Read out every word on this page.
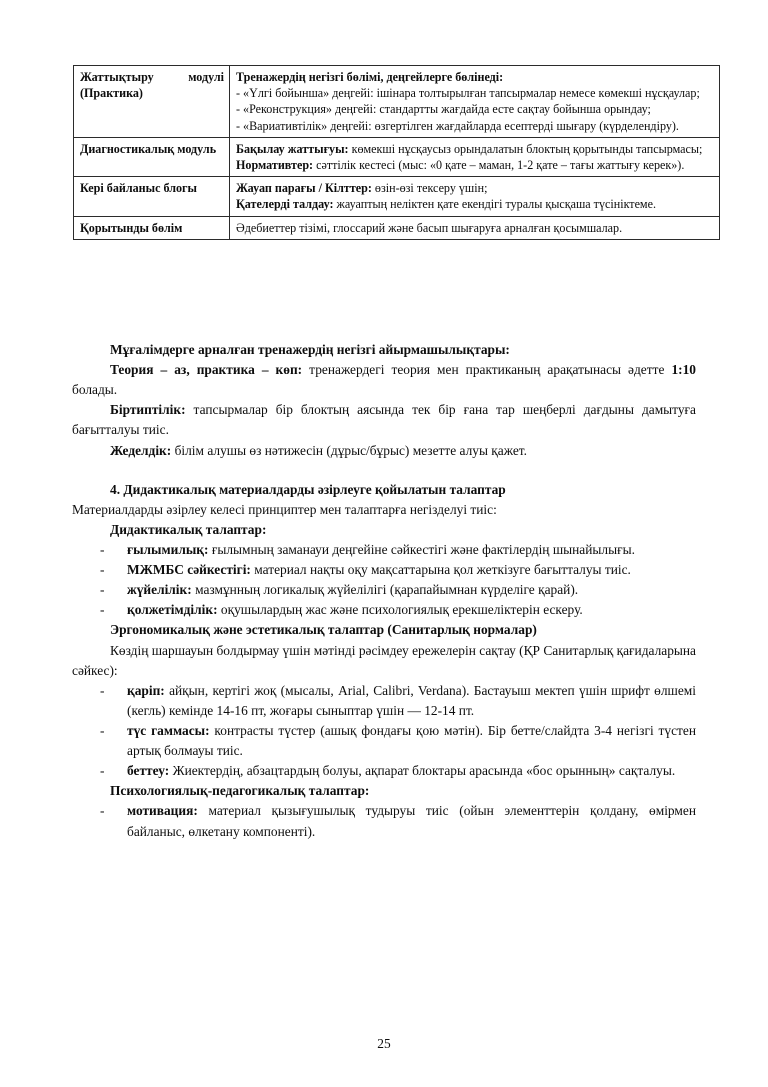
Жаттықтыру модулі (Практика)	Тренажердің негізгі бөлімі, деңгейлерге бөлінеді:
- «Үлгі бойынша» деңгейі: ішінара толтырылған тапсырмалар немесе көмекші нұсқаулар;
- «Реконструкция» деңгейі: стандартты жағдайда есте сақтау бойынша орындау;
- «Вариативтілік» деңгейі: өзгертілген жағдайларда есептерді шығару (күрделендіру).

Диагностикалық модуль	Бақылау жаттығуы: көмекші нұсқаусыз орындалатын блоктың қорытынды тапсырмасы;
Нормативтер: сәттілік кестесі (мыс: «0 қате – маман, 1-2 қате – тағы жаттығу керек»).

Кері байланыс блогы	Жауап парағы / Кілттер: өзін-өзі тексеру үшін;
Қателерді талдау: жауаптың неліктен қате екендігі туралы қысқаша түсініктеме.

Қорытынды бөлім	Әдебиеттер тізімі, глоссарий және басып шығаруға арналған қосымшалар.

Мұғалімдерге арналған тренажердің негізгі айырмашылықтары:

Теория – аз, практика – көп: тренажердегі теория мен практиканың арақатынасы әдетте 1:10 болады.

Біртиптілік: тапсырмалар бір блоктың аясында тек бір ғана тар шеңберлі дағдыны дамытуға бағытталуы тиіс.

Жеделдік: білім алушы өз нәтижесін (дұрыс/бұрыс) мезетте алуы қажет.

4. Дидактикалық материалдарды әзірлеуге қойылатын талаптар

Материалдарды әзірлеу келесі принциптер мен талаптарға негізделуі тиіс:

Дидактикалық талаптар:

- ғылымилық: ғылымның заманауи деңгейіне сәйкестігі және фактілердің шынайылығы.
- МЖМБС сәйкестігі: материал нақты оқу мақсаттарына қол жеткізуге бағытталуы тиіс.
- жүйелілік: мазмұнның логикалық жүйелілігі (қарапайымнан күрделіге қарай).
- қолжетімділік: оқушылардың жас және психологиялық ерекшеліктерін ескеру.

Эргономикалық және эстетикалық талаптар (Санитарлық нормалар)

Көздің шаршауын болдырмау үшін мәтінді рәсімдеу ережелерін сақтау (ҚР Санитарлық қағидаларына сәйкес):

- қаріп: айқын, кертігі жоқ (мысалы, Arial, Calibri, Verdana). Бастауыш мектеп үшін шрифт өлшемі (кегль) кемінде 14-16 пт, жоғары сыныптар үшін — 12-14 пт.
- түс гаммасы: контрасты түстер (ашық фондағы қою мәтін). Бір бетте/слайдта 3-4 негізгі түстен артық болмауы тиіс.
- беттеу: Жиектердің, абзацтардың болуы, ақпарат блоктары арасында «бос орынның» сақталуы.

Психологиялық-педагогикалық талаптар:

- мотивация: материал қызығушылық тудыруы тиіс (ойын элементтерін қолдану, өмірмен байланыс, өлкетану компоненті).
25
